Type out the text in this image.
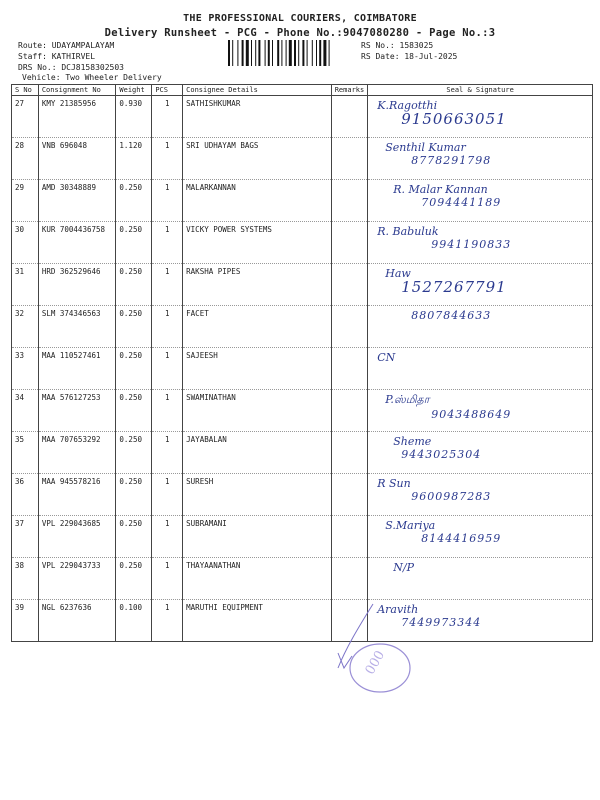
THE PROFESSIONAL COURIERS, COIMBATORE
Delivery Runsheet - PCG - Phone No.:9047080280 - Page No.:3
Route: UDAYAMPALAYAM
Staff: KATHIRVEL
DRS No.: DCJ8158302503
Vehicle: Two Wheeler Delivery
RS No.: 1583025
RS Date: 18-Jul-2025
S No	Consignment No	Weight	PCS	Consignee Details	Remarks	Seal & Signature
27	KMY 21385956	0.930	1	SATHISHKUMAR		K.Ragotthi
9150663051

28	VNB 696048	1.120	1	SRI UDHAYAM BAGS		Senthil Kumar
8778291798

29	AMD 30348889	0.250	1	MALARKANNAN		R. Malar Kannan
7094441189

30	KUR 7004436758	0.250	1	VICKY POWER SYSTEMS		R. Babuluk
9941190833

31	HRD 362529646	0.250	1	RAKSHA PIPES		Haw
1527267791

32	SLM 374346563	0.250	1	FACET		8807844633

33	MAA 110527461	0.250	1	SAJEESH		CN

34	MAA 576127253	0.250	1	SWAMINATHAN		P.ஸ்மிதா
9043488649

35	MAA 707653292	0.250	1	JAYABALAN		Sheme
9443025304

36	MAA 945578216	0.250	1	SURESH		R Sun
9600987283

37	VPL 229043685	0.250	1	SUBRAMANI		S.Mariya
8144416959

38	VPL 229043733	0.250	1	THAYAANATHAN		N/P

39	NGL 6237636	0.100	1	MARUTHI EQUIPMENT		Aravith
7449973344
000
